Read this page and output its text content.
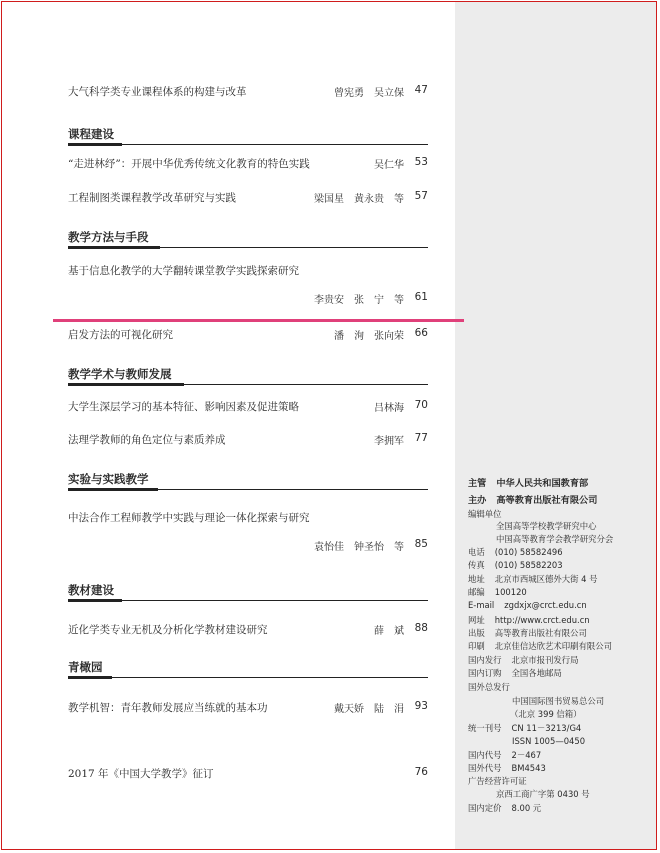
大气科学类专业课程体系的构建与改革	曾宪勇　吴立保 47
课程建设
“走进林纾”：开展中华优秀传统文化教育的特色实践	吴仁华 53
工程制图类课程教学改革研究与实践	梁国星　黄永贵　等 57
教学方法与手段
基于信息化教学的大学翻转课堂教学实践探索研究
李贵安　张　宁　等 61
启发方法的可视化研究	潘　洵　张向荣 66
教学学术与教师发展
大学生深层学习的基本特征、影响因素及促进策略	吕林海 70
法理学教师的角色定位与素质养成	李拥军 77
实验与实践教学
中法合作工程师教学中实践与理论一体化探索与研究
袁怡佳　钟圣怡　等 85
教材建设
近化学类专业无机及分析化学教材建设研究	薛　斌 88
青橄园
教学机智：青年教师发展应当练就的基本功	戴天娇　陆　涓 93
2017 年《中国大学教学》征订	76
主管 中华人民共和国教育部
主办 高等教育出版社有限公司
编辑单位
全国高等学校教学研究中心
中国高等教育学会教学研究分会
电话 (010) 58582496
传真 (010) 58582203
地址 北京市西城区德外大街 4 号
邮编 100120
E-mail zgdxjx@crct.edu.cn
网址 http://www.crct.edu.cn
出版 高等教育出版社有限公司
印刷 北京佳信达欣艺术印刷有限公司
国内发行 北京市报刊发行局
国内订购 全国各地邮局
国外总发行
中国国际图书贸易总公司
（北京 399 信箱）
统一刊号 CN 11－3213/G4
ISSN 1005—0450
国内代号 2－467
国外代号 BM4543
广告经营许可证
京西工商广字第 0430 号
国内定价 8.00 元
